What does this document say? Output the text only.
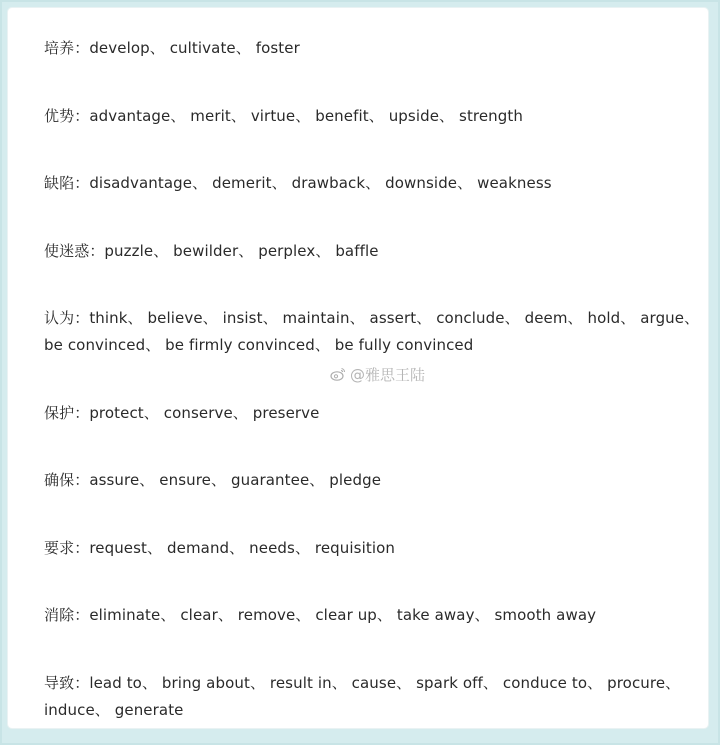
培养：develop、 cultivate、 foster
优势：advantage、 merit、 virtue、 benefit、 upside、 strength
缺陷：disadvantage、 demerit、 drawback、 downside、 weakness
使迷惑：puzzle、 bewilder、 perplex、 baffle
认为：think、 believe、 insist、 maintain、 assert、 conclude、 deem、 hold、 argue、 be convinced、 be firmly convinced、 be fully convinced
保护：protect、 conserve、 preserve
确保：assure、 ensure、 guarantee、 pledge
要求：request、 demand、 needs、 requisition
消除：eliminate、 clear、 remove、 clear up、 take away、 smooth away
导致：lead to、 bring about、 result in、 cause、 spark off、 conduce to、 procure、 induce、 generate
@雅思王陆
